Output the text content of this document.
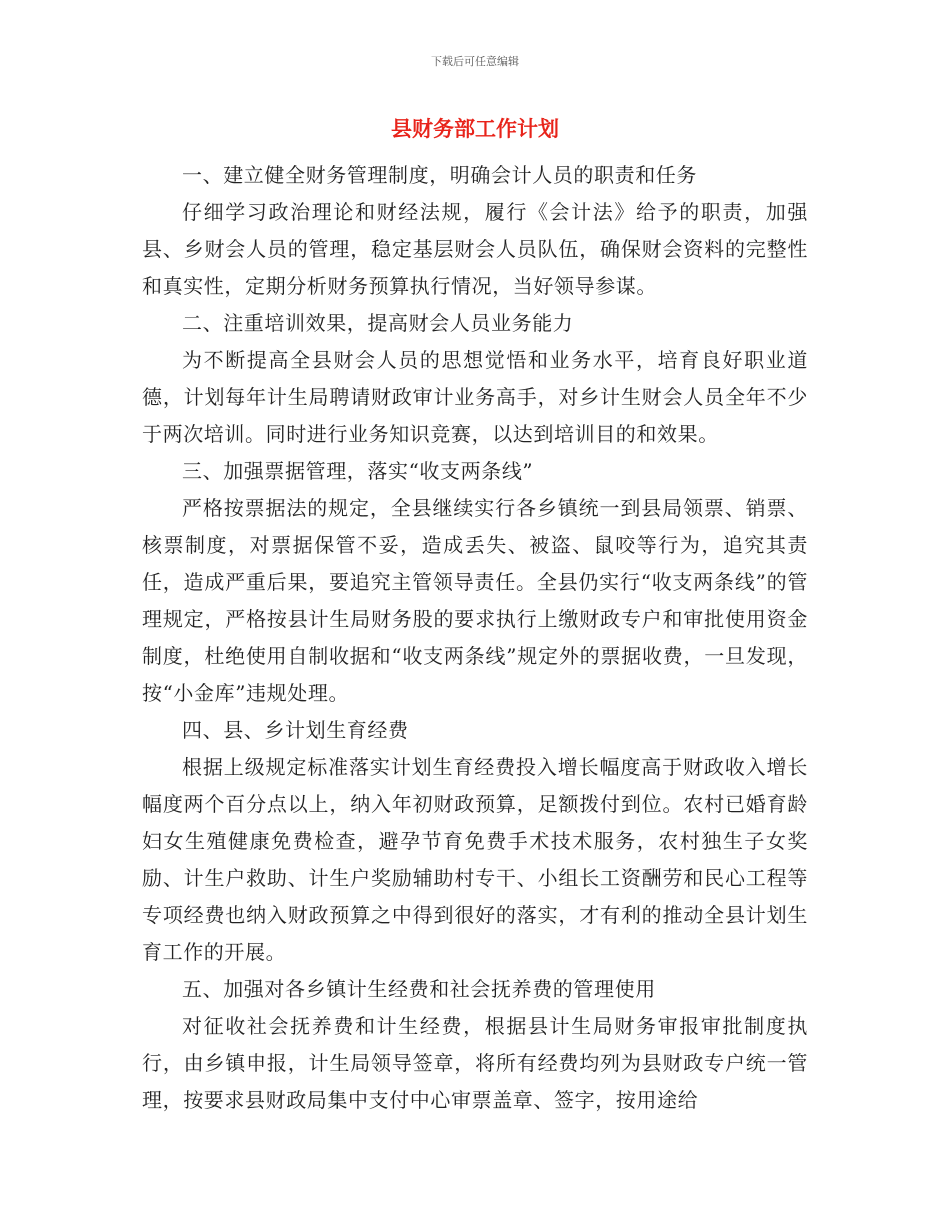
下载后可任意编辑
县财务部工作计划

一、建立健全财务管理制度，明确会计人员的职责和任务

仔细学习政治理论和财经法规，履行《会计法》给予的职责，加强县、乡财会人员的管理，稳定基层财会人员队伍，确保财会资料的完整性和真实性，定期分析财务预算执行情况，当好领导参谋。

二、注重培训效果，提高财会人员业务能力

为不断提高全县财会人员的思想觉悟和业务水平，培育良好职业道德，计划每年计生局聘请财政审计业务高手，对乡计生财会人员全年不少于两次培训。同时进行业务知识竞赛，以达到培训目的和效果。

三、加强票据管理，落实“收支两条线”

严格按票据法的规定，全县继续实行各乡镇统一到县局领票、销票、核票制度，对票据保管不妥，造成丢失、被盗、鼠咬等行为，追究其责任，造成严重后果，要追究主管领导责任。全县仍实行“收支两条线”的管理规定，严格按县计生局财务股的要求执行上缴财政专户和审批使用资金制度，杜绝使用自制收据和“收支两条线”规定外的票据收费，一旦发现，按“小金库”违规处理。

四、县、乡计划生育经费

根据上级规定标准落实计划生育经费投入增长幅度高于财政收入增长幅度两个百分点以上，纳入年初财政预算，足额拨付到位。农村已婚育龄妇女生殖健康免费检查，避孕节育免费手术技术服务，农村独生子女奖励、计生户救助、计生户奖励辅助村专干、小组长工资酬劳和民心工程等专项经费也纳入财政预算之中得到很好的落实，才有利的推动全县计划生育工作的开展。

五、加强对各乡镇计生经费和社会抚养费的管理使用

对征收社会抚养费和计生经费，根据县计生局财务审报审批制度执行，由乡镇申报，计生局领导签章，将所有经费均列为县财政专户统一管理，按要求县财政局集中支付中心审票盖章、签字，按用途给
